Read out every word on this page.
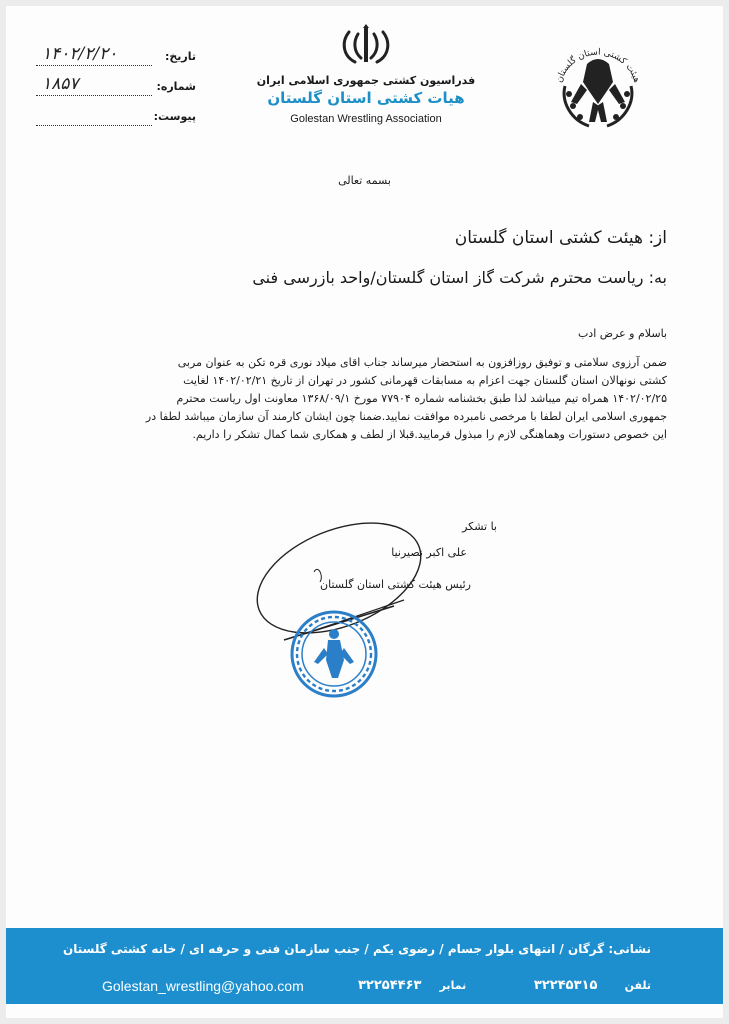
تاریخ:
۱۴۰۲/۲/۲۰
شماره:
۱۸۵۷
پیوست:
فدراسیون کشتی جمهوری اسلامی ایران
هیات کشتی استان گلستان
Golestan Wrestling Association
هیئت کشتی استان گلستان
بسمه تعالی
از: هیئت کشتی استان گلستان
به: ریاست محترم شرکت گاز استان گلستان/واحد بازرسی فنی
باسلام و عرض ادب

ضمن آرزوی سلامتی و توفیق روزافزون به استحضار میرساند جناب اقای میلاد نوری قره تکن به عنوان مربی

کشتی نونهالان استان گلستان جهت اعزام به مسابقات قهرمانی کشور در تهران از تاریخ ۱۴۰۲/۰۲/۲۱ لغایت

۱۴۰۲/۰۲/۲۵ همراه تیم میباشد لذا طبق بخشنامه شماره ۷۷۹۰۴ مورخ ۱۳۶۸/۰۹/۱ معاونت اول ریاست محترم

جمهوری اسلامی ایران لطفا با مرخصی نامبرده موافقت نمایید.ضمنا چون ایشان کارمند آن سازمان میباشد لطفا در

این خصوص دستورات وهماهنگی لازم را مبذول فرمایید.قبلا از لطف و همکاری شما کمال تشکر را داریم.

با تشکر
علی اکبر نصیرنیا
رئیس هیئت کشتی استان گلستان
نشانی: گرگان / انتهای بلوار جسام / رضوی یکم / جنب سازمان فنی و حرفه ای / خانه کشتی گلستان
Golestan_wrestling@yahoo.com	نمابر    ۳۲۲۵۴۴۶۳	تلفن      ۳۲۲۴۵۳۱۵
